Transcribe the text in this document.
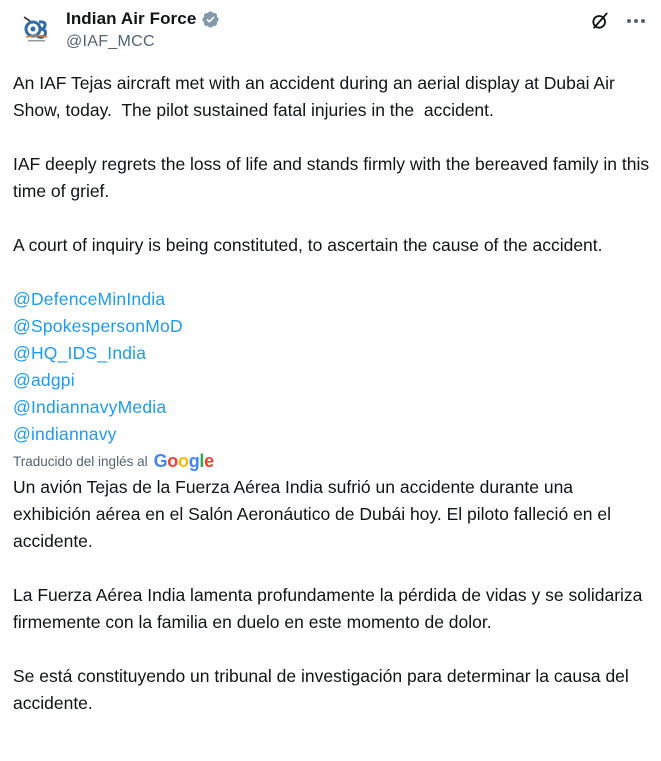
Indian Air Force
@IAF_MCC

An IAF Tejas aircraft met with an accident during an aerial display at Dubai Air Show, today.  The pilot sustained fatal injuries in the  accident.

IAF deeply regrets the loss of life and stands firmly with the bereaved family in this time of grief.

A court of inquiry is being constituted, to ascertain the cause of the accident.

@DefenceMinIndia
@SpokespersonMoD
@HQ_IDS_India
@adgpi
@IndiannavyMedia
@indiannavy
Traducido del inglés al Google

Un avión Tejas de la Fuerza Aérea India sufrió un accidente durante una exhibición aérea en el Salón Aeronáutico de Dubái hoy. El piloto falleció en el accidente.

La Fuerza Aérea India lamenta profundamente la pérdida de vidas y se solidariza firmemente con la familia en duelo en este momento de dolor.

Se está constituyendo un tribunal de investigación para determinar la causa del accidente.
